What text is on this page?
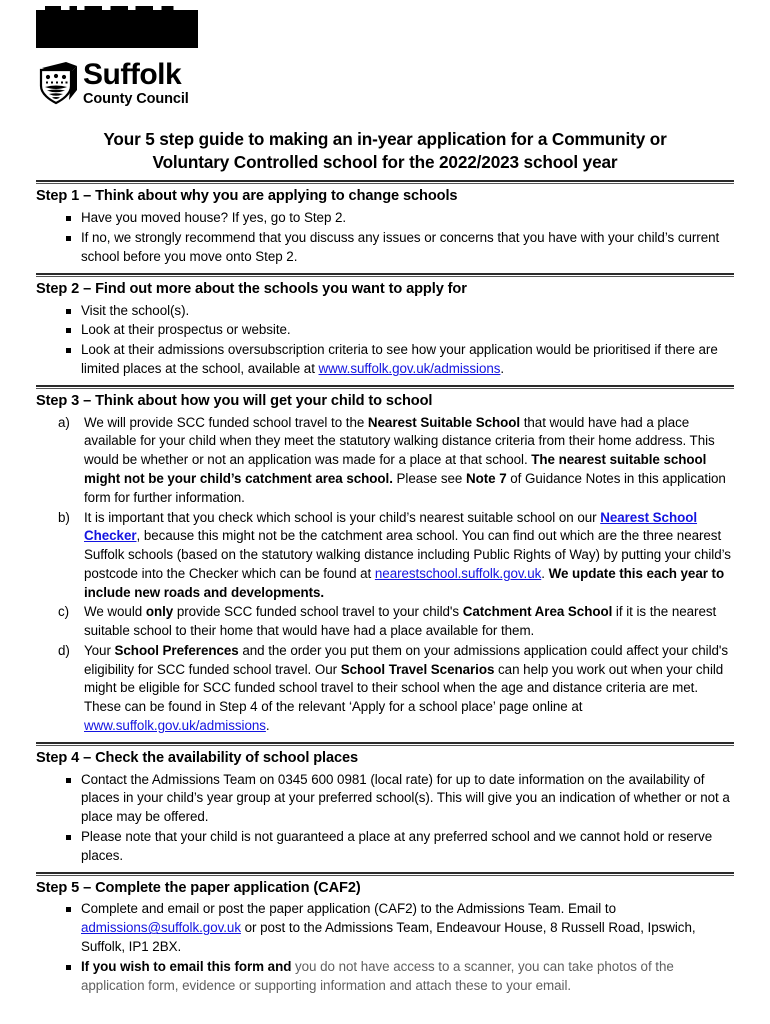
Suffolk
County Council
Your 5 step guide to making an in-year application for a Community or
Voluntary Controlled school for the 2022/2023 school year
Step 1 – Think about why you are applying to change schools
Have you moved house? If yes, go to Step 2.
If no, we strongly recommend that you discuss any issues or concerns that you have with your child’s current school before you move onto Step 2.
Step 2 – Find out more about the schools you want to apply for
Visit the school(s).
Look at their prospectus or website.
Look at their admissions oversubscription criteria to see how your application would be prioritised if there are limited places at the school, available at www.suffolk.gov.uk/admissions.
Step 3 – Think about how you will get your child to school
a) We will provide SCC funded school travel to the Nearest Suitable School that would have had a place available for your child when they meet the statutory walking distance criteria from their home address. This would be whether or not an application was made for a place at that school. The nearest suitable school might not be your child’s catchment area school. Please see Note 7 of Guidance Notes in this application form for further information.
b) It is important that you check which school is your child’s nearest suitable school on our Nearest School Checker, because this might not be the catchment area school. You can find out which are the three nearest Suffolk schools (based on the statutory walking distance including Public Rights of Way) by putting your child’s postcode into the Checker which can be found at nearestschool.suffolk.gov.uk. We update this each year to include new roads and developments.
c) We would only provide SCC funded school travel to your child's Catchment Area School if it is the nearest suitable school to their home that would have had a place available for them.
d) Your School Preferences and the order you put them on your admissions application could affect your child's eligibility for SCC funded school travel. Our School Travel Scenarios can help you work out when your child might be eligible for SCC funded school travel to their school when the age and distance criteria are met. These can be found in Step 4 of the relevant ‘Apply for a school place’ page online at www.suffolk.gov.uk/admissions.
Step 4 – Check the availability of school places
Contact the Admissions Team on 0345 600 0981 (local rate) for up to date information on the availability of places in your child’s year group at your preferred school(s). This will give you an indication of whether or not a place may be offered.
Please note that your child is not guaranteed a place at any preferred school and we cannot hold or reserve places.
Step 5 – Complete the paper application (CAF2)
Complete and email or post the paper application (CAF2) to the Admissions Team. Email to admissions@suffolk.gov.uk or post to the Admissions Team, Endeavour House, 8 Russell Road, Ipswich, Suffolk, IP1 2BX.
If you wish to email this form and you do not have access to a scanner, you can take photos of the application form, evidence or supporting information and attach these to your email.
